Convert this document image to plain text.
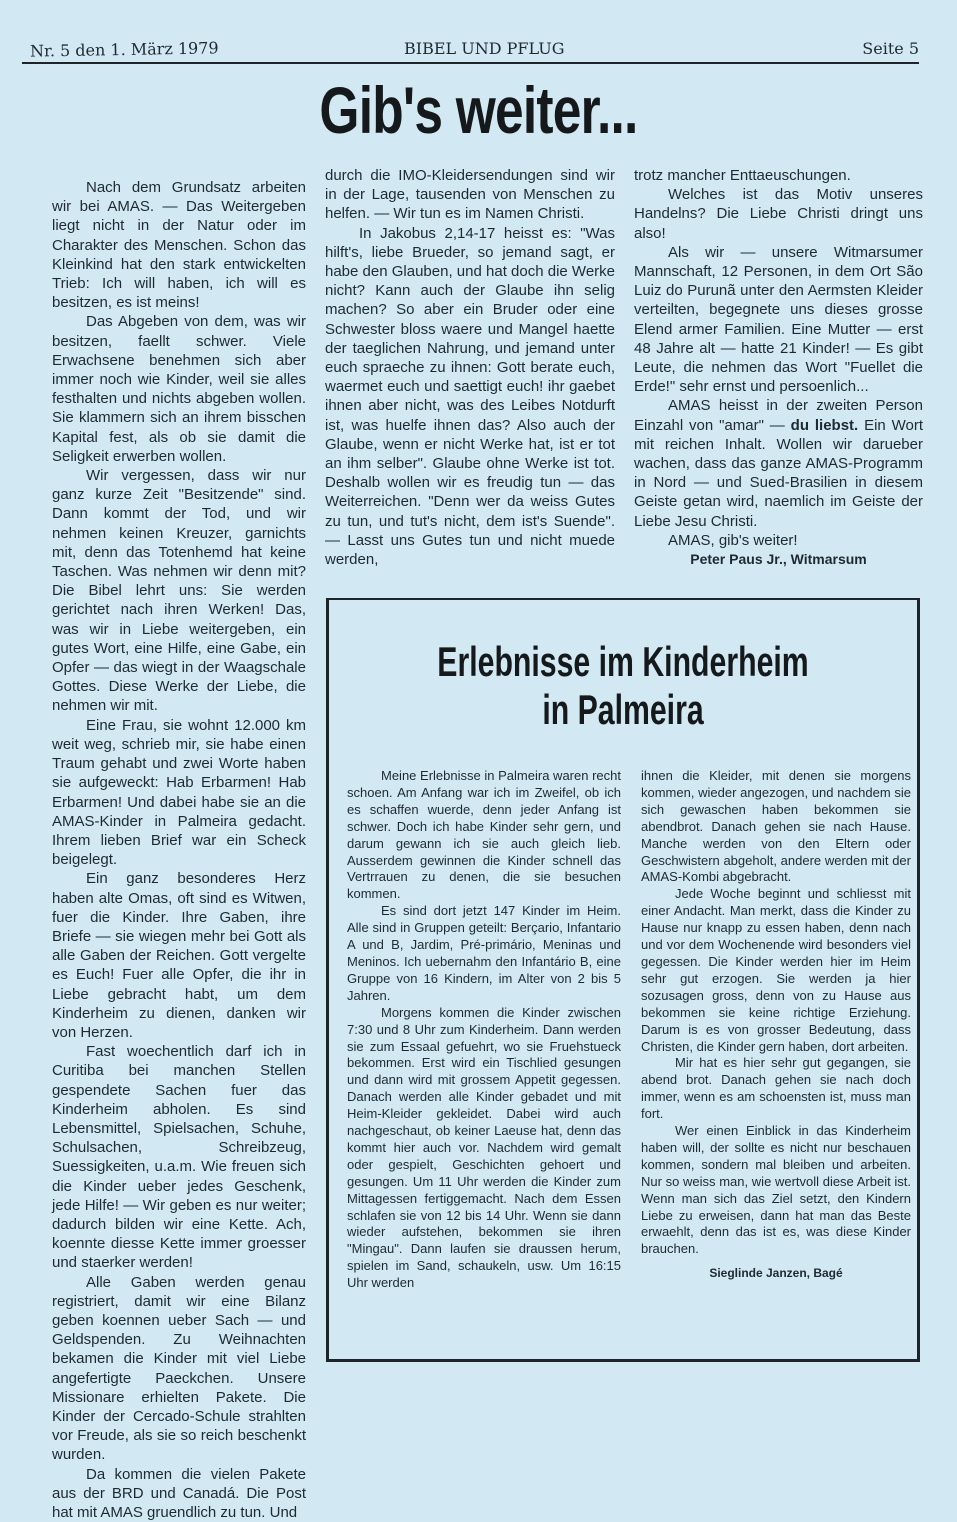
Nr. 5 den 1. März 1979	BIBEL UND PFLUG	Seite 5
Gib's weiter...

Nach dem Grundsatz arbeiten wir bei AMAS. — Das Weitergeben liegt nicht in der Natur oder im Charakter des Menschen. Schon das Kleinkind hat den stark entwickelten Trieb: Ich will haben, ich will es besitzen, es ist meins!

Das Abgeben von dem, was wir besitzen, faellt schwer. Viele Erwachsene benehmen sich aber immer noch wie Kinder, weil sie alles festhalten und nichts abgeben wollen. Sie klammern sich an ihrem bisschen Kapital fest, als ob sie damit die Seligkeit erwerben wollen.

Wir vergessen, dass wir nur ganz kurze Zeit "Besitzende" sind. Dann kommt der Tod, und wir nehmen keinen Kreuzer, garnichts mit, denn das Totenhemd hat keine Taschen. Was nehmen wir denn mit? Die Bibel lehrt uns: Sie werden gerichtet nach ihren Werken! Das, was wir in Liebe weitergeben, ein gutes Wort, eine Hilfe, eine Gabe, ein Opfer — das wiegt in der Waagschale Gottes. Diese Werke der Liebe, die nehmen wir mit.

Eine Frau, sie wohnt 12.000 km weit weg, schrieb mir, sie habe einen Traum gehabt und zwei Worte haben sie aufgeweckt: Hab Erbarmen! Hab Erbarmen! Und dabei habe sie an die AMAS-Kinder in Palmeira gedacht. Ihrem lieben Brief war ein Scheck beigelegt.

Ein ganz besonderes Herz haben alte Omas, oft sind es Witwen, fuer die Kinder. Ihre Gaben, ihre Briefe — sie wiegen mehr bei Gott als alle Gaben der Reichen. Gott vergelte es Euch! Fuer alle Opfer, die ihr in Liebe gebracht habt, um dem Kinderheim zu dienen, danken wir von Herzen.

Fast woechentlich darf ich in Curitiba bei manchen Stellen gespendete Sachen fuer das Kinderheim abholen. Es sind Lebensmittel, Spielsachen, Schuhe, Schulsachen, Schreibzeug, Suessigkeiten, u.a.m. Wie freuen sich die Kinder ueber jedes Geschenk, jede Hilfe! — Wir geben es nur weiter; dadurch bilden wir eine Kette. Ach, koennte diesse Kette immer groesser und staerker werden!

Alle Gaben werden genau registriert, damit wir eine Bilanz geben koennen ueber Sach — und Geldspenden. Zu Weihnachten bekamen die Kinder mit viel Liebe angefertigte Paeckchen. Unsere Missionare erhielten Pakete. Die Kinder der Cercado-Schule strahlten vor Freude, als sie so reich beschenkt wurden.

Da kommen die vielen Pakete aus der BRD und Canadá. Die Post hat mit AMAS gruendlich zu tun. Und

durch die IMO-Kleidersendungen sind wir in der Lage, tausenden von Menschen zu helfen. — Wir tun es im Namen Christi.

In Jakobus 2,14-17 heisst es: "Was hilft's, liebe Brueder, so jemand sagt, er habe den Glauben, und hat doch die Werke nicht? Kann auch der Glaube ihn selig machen? So aber ein Bruder oder eine Schwester bloss waere und Mangel haette der taeglichen Nahrung, und jemand unter euch spraeche zu ihnen: Gott berate euch, waermet euch und saettigt euch! ihr gaebet ihnen aber nicht, was des Leibes Notdurft ist, was huelfe ihnen das? Also auch der Glaube, wenn er nicht Werke hat, ist er tot an ihm selber". Glaube ohne Werke ist tot. Deshalb wollen wir es freudig tun — das Weiterreichen. "Denn wer da weiss Gutes zu tun, und tut's nicht, dem ist's Suende". — Lasst uns Gutes tun und nicht muede werden,

trotz mancher Enttaeuschungen.

Welches ist das Motiv unseres Handelns? Die Liebe Christi dringt uns also!

Als wir — unsere Witmarsumer Mannschaft, 12 Personen, in dem Ort São Luiz do Purunã unter den Aermsten Kleider verteilten, begegnete uns dieses grosse Elend armer Familien. Eine Mutter — erst 48 Jahre alt — hatte 21 Kinder! — Es gibt Leute, die nehmen das Wort "Fuellet die Erde!" sehr ernst und persoenlich...

AMAS heisst in der zweiten Person Einzahl von "amar" — du liebst. Ein Wort mit reichen Inhalt. Wollen wir darueber wachen, dass das ganze AMAS-Programm in Nord — und Sued-Brasilien in diesem Geiste getan wird, naemlich im Geiste der Liebe Jesu Christi.

AMAS, gib's weiter!

Peter Paus Jr., Witmarsum
Erlebnisse im Kinderheim
in Palmeira

Meine Erlebnisse in Palmeira waren recht schoen. Am Anfang war ich im Zweifel, ob ich es schaffen wuerde, denn jeder Anfang ist schwer. Doch ich habe Kinder sehr gern, und darum gewann ich sie auch gleich lieb. Ausserdem gewinnen die Kinder schnell das Vertrrauen zu denen, die sie besuchen kommen.

Es sind dort jetzt 147 Kinder im Heim. Alle sind in Gruppen geteilt: Berçario, Infantario A und B, Jardim, Pré-primário, Meninas und Meninos. Ich uebernahm den Infantário B, eine Gruppe von 16 Kindern, im Alter von 2 bis 5 Jahren.

Morgens kommen die Kinder zwischen 7:30 und 8 Uhr zum Kinderheim. Dann werden sie zum Essaal gefuehrt, wo sie Fruehstueck bekommen. Erst wird ein Tischlied gesungen und dann wird mit grossem Appetit gegessen. Danach werden alle Kinder gebadet und mit Heim-Kleider gekleidet. Dabei wird auch nachgeschaut, ob keiner Laeuse hat, denn das kommt hier auch vor. Nachdem wird gemalt oder gespielt, Geschichten gehoert und gesungen. Um 11 Uhr werden die Kinder zum Mittagessen fertiggemacht. Nach dem Essen schlafen sie von 12 bis 14 Uhr. Wenn sie dann wieder aufstehen, bekommen sie ihren "Mingau". Dann laufen sie draussen herum, spielen im Sand, schaukeln, usw. Um 16:15 Uhr werden

ihnen die Kleider, mit denen sie morgens kommen, wieder angezogen, und nachdem sie sich gewaschen haben bekommen sie abendbrot. Danach gehen sie nach Hause. Manche werden von den Eltern oder Geschwistern abgeholt, andere werden mit der AMAS-Kombi abgebracht.

Jede Woche beginnt und schliesst mit einer Andacht. Man merkt, dass die Kinder zu Hause nur knapp zu essen haben, denn nach und vor dem Wochenende wird besonders viel gegessen. Die Kinder werden hier im Heim sehr gut erzogen. Sie werden ja hier sozusagen gross, denn von zu Hause aus bekommen sie keine richtige Erziehung. Darum is es von grosser Bedeutung, dass Christen, die Kinder gern haben, dort arbeiten.

Mir hat es hier sehr gut gegangen, sie abend brot. Danach gehen sie nach doch immer, wenn es am schoensten ist, muss man fort.

Wer einen Einblick in das Kinderheim haben will, der sollte es nicht nur beschauen kommen, sondern mal bleiben und arbeiten. Nur so weiss man, wie wertvoll diese Arbeit ist. Wenn man sich das Ziel setzt, den Kindern Liebe zu erweisen, dann hat man das Beste erwaehlt, denn das ist es, was diese Kinder brauchen.

Sieglinde Janzen, Bagé
